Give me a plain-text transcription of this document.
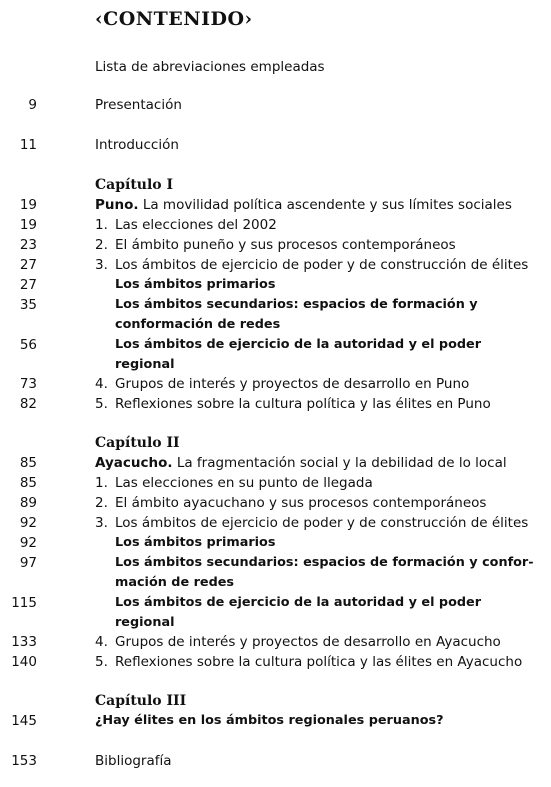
‹CONTENIDO›
Lista de abreviaciones empleadas
9	Presentación
11	Introducción
Capítulo I
19	Puno. La movilidad política ascendente y sus límites sociales
19	1. Las elecciones del 2002
23	2. El ámbito puneño y sus procesos contemporáneos
27	3. Los ámbitos de ejercicio de poder y de construcción de élites
27	Los ámbitos primarios
35	Los ámbitos secundarios: espacios de formación y conformación de redes
56	Los ámbitos de ejercicio de la autoridad y el poder regional
73	4. Grupos de interés y proyectos de desarrollo en Puno
82	5. Reflexiones sobre la cultura política y las élites en Puno
Capítulo II
85	Ayacucho. La fragmentación social y la debilidad de lo local
85	1. Las elecciones en su punto de llegada
89	2. El ámbito ayacuchano y sus procesos contemporáneos
92	3. Los ámbitos de ejercicio de poder y de construcción de élites
92	Los ámbitos primarios
97	Los ámbitos secundarios: espacios de formación y confor-mación de redes
115	Los ámbitos de ejercicio de la autoridad y el poder regional
133	4. Grupos de interés y proyectos de desarrollo en Ayacucho
140	5. Reflexiones sobre la cultura política y las élites en Ayacucho
Capítulo III
145	¿Hay élites en los ámbitos regionales peruanos?
153	Bibliografía
